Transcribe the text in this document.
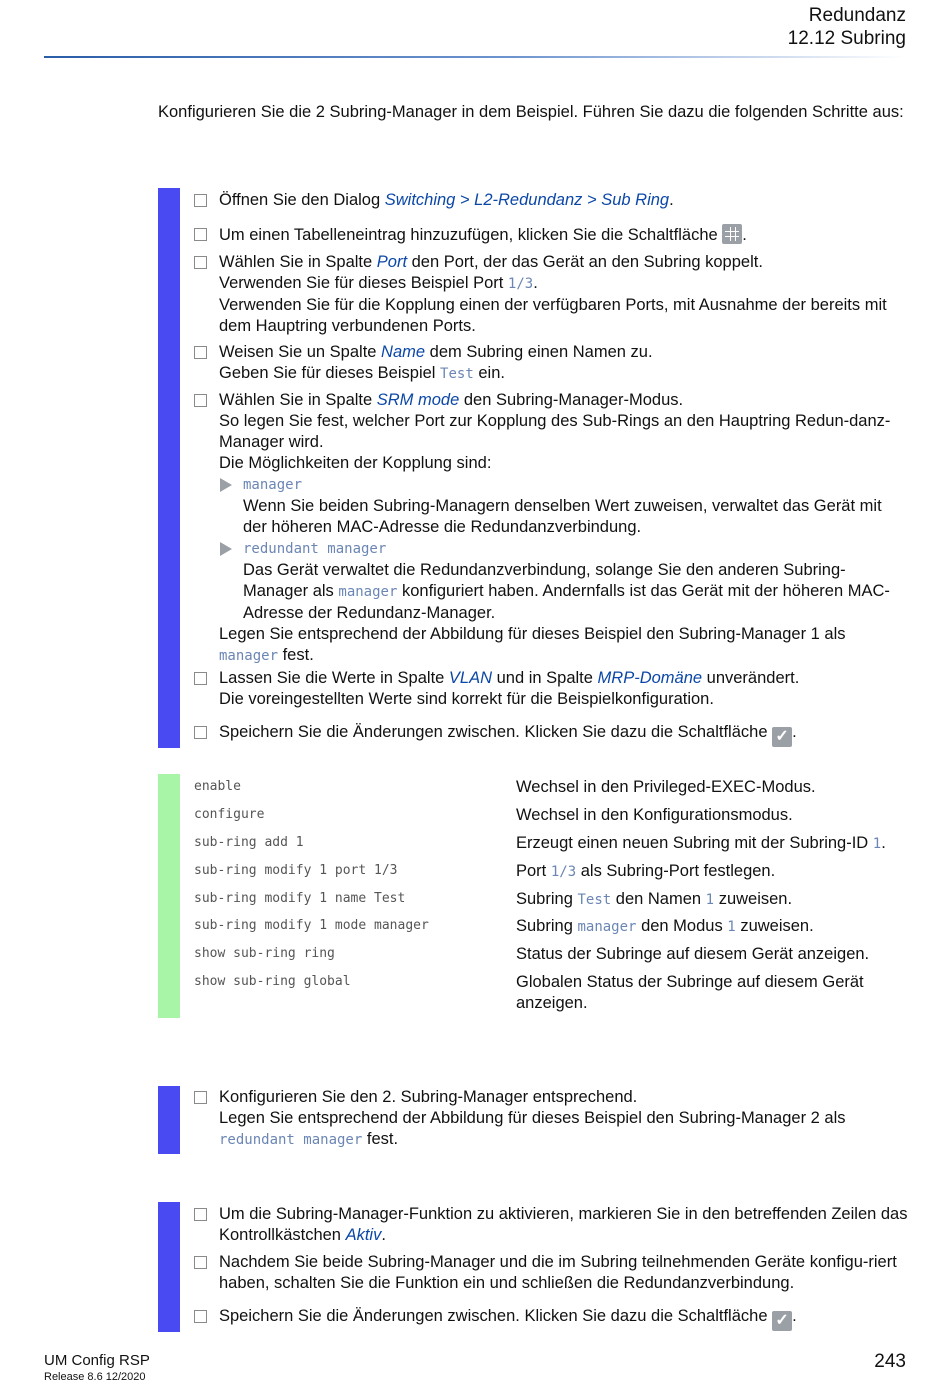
Redundanz
12.12 Subring
Konfigurieren Sie die 2 Subring-Manager in dem Beispiel. Führen Sie dazu die folgenden Schritte aus:
Öffnen Sie den Dialog Switching > L2-Redundanz > Sub Ring.
Um einen Tabelleneintrag hinzuzufügen, klicken Sie die Schaltfläche .
Wählen Sie in Spalte Port den Port, der das Gerät an den Subring koppelt.
Verwenden Sie für dieses Beispiel Port 1/3.
Verwenden Sie für die Kopplung einen der verfügbaren Ports, mit Ausnahme der bereits mit dem Hauptring verbundenen Ports.
Weisen Sie un Spalte Name dem Subring einen Namen zu.
Geben Sie für dieses Beispiel Test ein.
Wählen Sie in Spalte SRM mode den Subring-Manager-Modus.
So legen Sie fest, welcher Port zur Kopplung des Sub-Rings an den Hauptring Redun-danz-Manager wird.
Die Möglichkeiten der Kopplung sind:
manager
Wenn Sie beiden Subring-Managern denselben Wert zuweisen, verwaltet das Gerät mit der höheren MAC-Adresse die Redundanzverbindung.
redundant manager
Das Gerät verwaltet die Redundanzverbindung, solange Sie den anderen Subring-Manager als manager konfiguriert haben. Andernfalls ist das Gerät mit der höheren MAC-Adresse der Redundanz-Manager.
Legen Sie entsprechend der Abbildung für dieses Beispiel den Subring-Manager 1 als manager fest.
Lassen Sie die Werte in Spalte VLAN und in Spalte MRP-Domäne unverändert.
Die voreingestellten Werte sind korrekt für die Beispielkonfiguration.
Speichern Sie die Änderungen zwischen. Klicken Sie dazu die Schaltfläche ✓ .
enable	Wechsel in den Privileged-EXEC-Modus.
configure	Wechsel in den Konfigurationsmodus.
sub-ring add 1	Erzeugt einen neuen Subring mit der Subring-ID 1.
sub-ring modify 1 port 1/3	Port 1/3 als Subring-Port festlegen.
sub-ring modify 1 name Test	Subring Test den Namen 1 zuweisen.
sub-ring modify 1 mode manager	Subring manager den Modus 1 zuweisen.
show sub-ring ring	Status der Subringe auf diesem Gerät anzeigen.
show sub-ring global	Globalen Status der Subringe auf diesem Gerät anzeigen.
Konfigurieren Sie den 2. Subring-Manager entsprechend.
Legen Sie entsprechend der Abbildung für dieses Beispiel den Subring-Manager 2 als redundant manager fest.
Um die Subring-Manager-Funktion zu aktivieren, markieren Sie in den betreffenden Zeilen das Kontrollkästchen Aktiv.
Nachdem Sie beide Subring-Manager und die im Subring teilnehmenden Geräte konfigu-riert haben, schalten Sie die Funktion ein und schließen die Redundanzverbindung.
Speichern Sie die Änderungen zwischen. Klicken Sie dazu die Schaltfläche ✓ .
UM Config RSP
Release 8.6 12/2020
243
